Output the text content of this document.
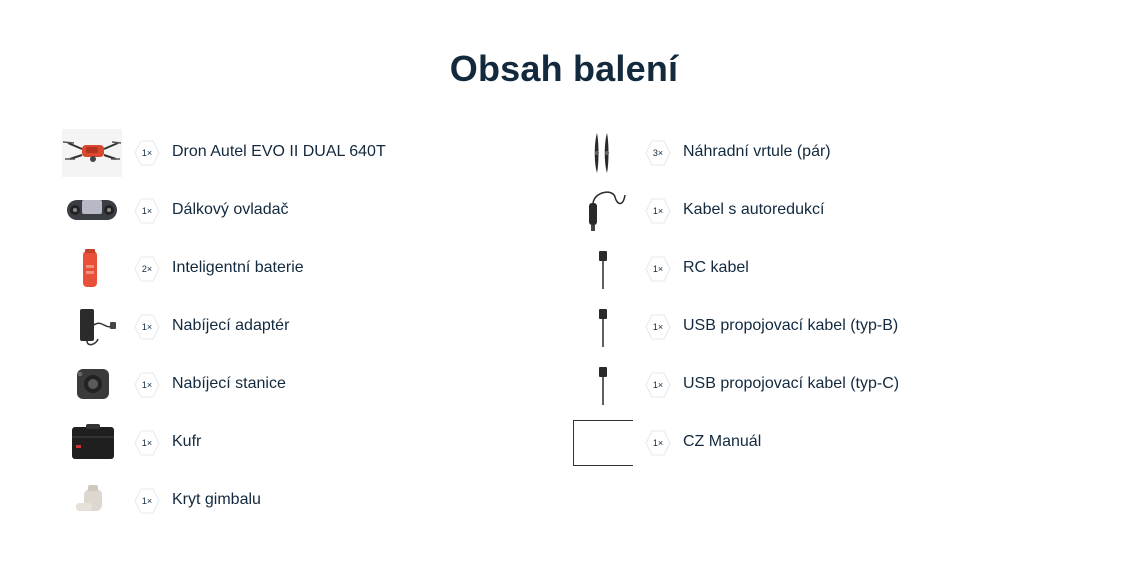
Obsah balení
1× Dron Autel EVO II DUAL 640T
1× Dálkový ovladač
2× Inteligentní baterie
1× Nabíjecí adaptér
1× Nabíjecí stanice
1× Kufr
1× Kryt gimbalu
3× Náhradní vrtule (pár)
1× Kabel s autoredukcí
1× RC kabel
1× USB propojovací kabel (typ-B)
1× USB propojovací kabel (typ-C)
1× CZ Manuál
